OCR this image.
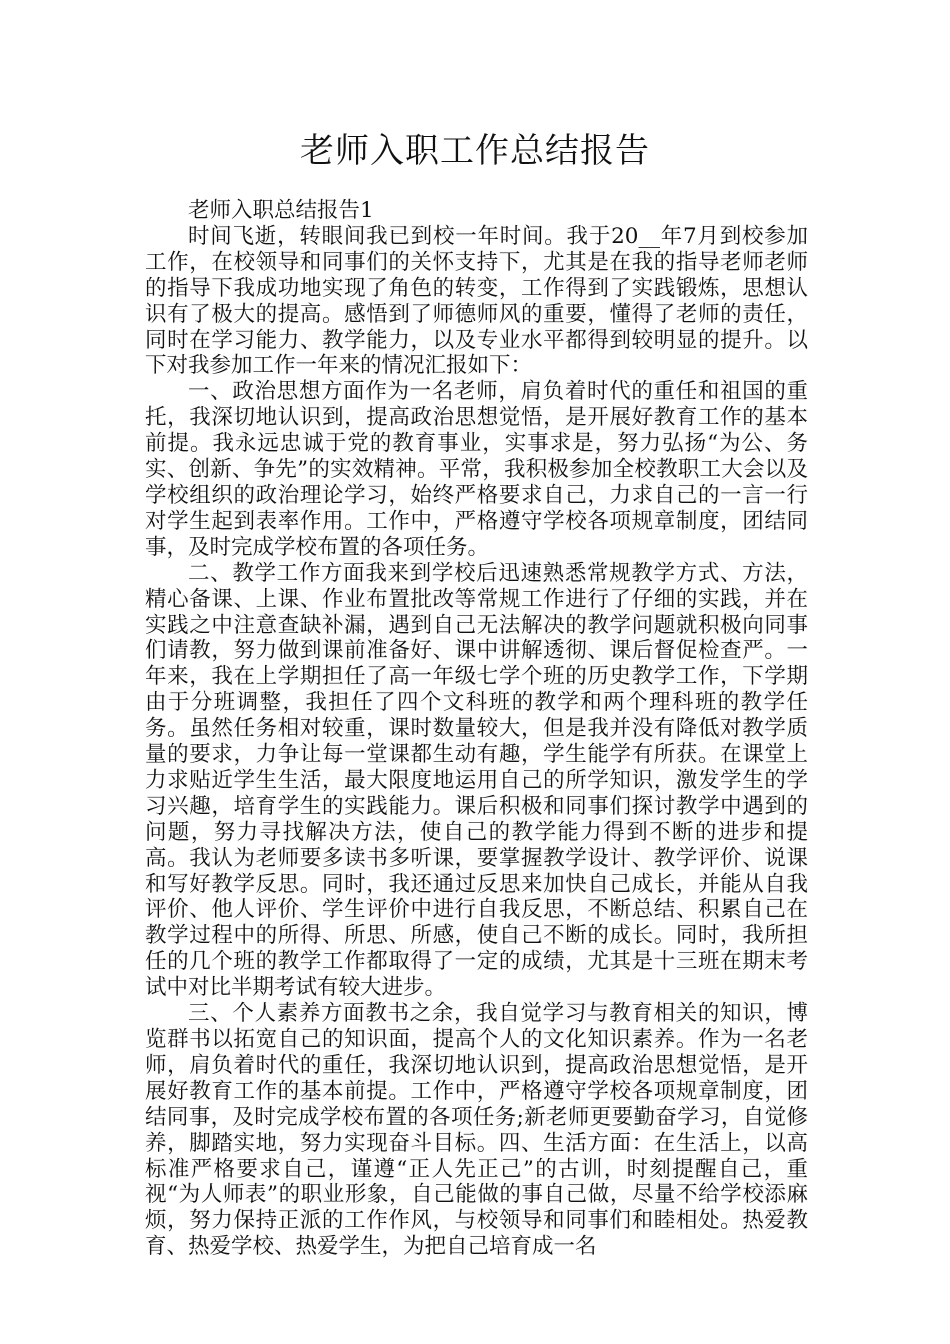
老师入职工作总结报告

老师入职总结报告1

时间飞逝，转眼间我已到校一年时间。我于20__年7月到校参加工作，在校领导和同事们的关怀支持下，尤其是在我的指导老师老师的指导下我成功地实现了角色的转变，工作得到了实践锻炼，思想认识有了极大的提高。感悟到了师德师风的重要，懂得了老师的责任，同时在学习能力、教学能力，以及专业水平都得到较明显的提升。以下对我参加工作一年来的情况汇报如下：

一、政治思想方面作为一名老师，肩负着时代的重任和祖国的重托，我深切地认识到，提高政治思想觉悟，是开展好教育工作的基本前提。我永远忠诚于党的教育事业，实事求是，努力弘扬“为公、务实、创新、争先”的实效精神。平常，我积极参加全校教职工大会以及学校组织的政治理论学习，始终严格要求自己，力求自己的一言一行对学生起到表率作用。工作中，严格遵守学校各项规章制度，团结同事，及时完成学校布置的各项任务。

二、教学工作方面我来到学校后迅速熟悉常规教学方式、方法，精心备课、上课、作业布置批改等常规工作进行了仔细的实践，并在实践之中注意查缺补漏，遇到自己无法解决的教学问题就积极向同事们请教，努力做到课前准备好、课中讲解透彻、课后督促检查严。一年来，我在上学期担任了高一年级七学个班的历史教学工作，下学期由于分班调整，我担任了四个文科班的教学和两个理科班的教学任务。虽然任务相对较重，课时数量较大，但是我并没有降低对教学质量的要求，力争让每一堂课都生动有趣，学生能学有所获。在课堂上力求贴近学生生活，最大限度地运用自己的所学知识，激发学生的学习兴趣，培育学生的实践能力。课后积极和同事们探讨教学中遇到的问题，努力寻找解决方法，使自己的教学能力得到不断的进步和提高。我认为老师要多读书多听课，要掌握教学设计、教学评价、说课和写好教学反思。同时，我还通过反思来加快自己成长，并能从自我评价、他人评价、学生评价中进行自我反思，不断总结、积累自己在教学过程中的所得、所思、所感，使自己不断的成长。同时，我所担任的几个班的教学工作都取得了一定的成绩，尤其是十三班在期末考试中对比半期考试有较大进步。

三、个人素养方面教书之余，我自觉学习与教育相关的知识，博览群书以拓宽自己的知识面，提高个人的文化知识素养。作为一名老师，肩负着时代的重任，我深切地认识到，提高政治思想觉悟，是开展好教育工作的基本前提。工作中，严格遵守学校各项规章制度，团结同事，及时完成学校布置的各项任务;新老师更要勤奋学习，自觉修养，脚踏实地，努力实现奋斗目标。四、生活方面：在生活上，以高标准严格要求自己，谨遵“正人先正己”的古训，时刻提醒自己，重视“为人师表”的职业形象，自己能做的事自己做，尽量不给学校添麻烦，努力保持正派的工作作风，与校领导和同事们和睦相处。热爱教育、热爱学校、热爱学生，为把自己培育成一名
